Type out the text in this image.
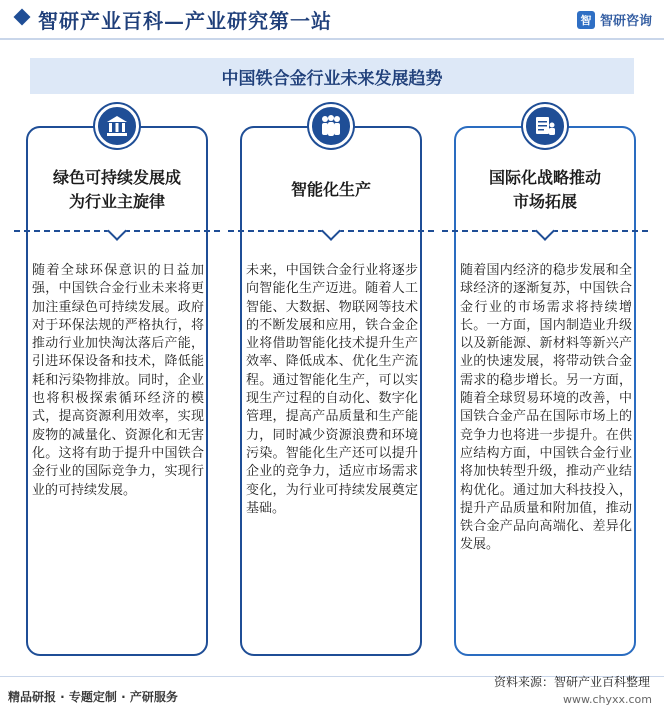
智研产业百科—产业研究第一站	智 智研咨询
中国铁合金行业未来发展趋势
绿色可持续发展成
为行业主旋律
随着全球环保意识的日益加强，中国铁合金行业未来将更加注重绿色可持续发展。政府对于环保法规的严格执行，将推动行业加快淘汰落后产能，引进环保设备和技术，降低能耗和污染物排放。同时，企业也将积极探索循环经济的模式，提高资源利用效率，实现废物的减量化、资源化和无害化。这将有助于提升中国铁合金行业的国际竞争力，实现行业的可持续发展。
智能化生产
未来，中国铁合金行业将逐步向智能化生产迈进。随着人工智能、大数据、物联网等技术的不断发展和应用，铁合金企业将借助智能化技术提升生产效率、降低成本、优化生产流程。通过智能化生产，可以实现生产过程的自动化、数字化管理，提高产品质量和生产能力，同时减少资源浪费和环境污染。智能化生产还可以提升企业的竞争力，适应市场需求变化，为行业可持续发展奠定基础。
国际化战略推动
市场拓展
随着国内经济的稳步发展和全球经济的逐渐复苏，中国铁合金行业的市场需求将持续增长。一方面，国内制造业升级以及新能源、新材料等新兴产业的快速发展，将带动铁合金需求的稳步增长。另一方面，随着全球贸易环境的改善，中国铁合金产品在国际市场上的竞争力也将进一步提升。在供应结构方面，中国铁合金行业将加快转型升级，推动产业结构优化。通过加大科技投入，提升产品质量和附加值，推动铁合金产品向高端化、差异化发展。
精品研报 · 专题定制 · 产研服务
资料来源：智研产业百科整理
www.chyxx.com
